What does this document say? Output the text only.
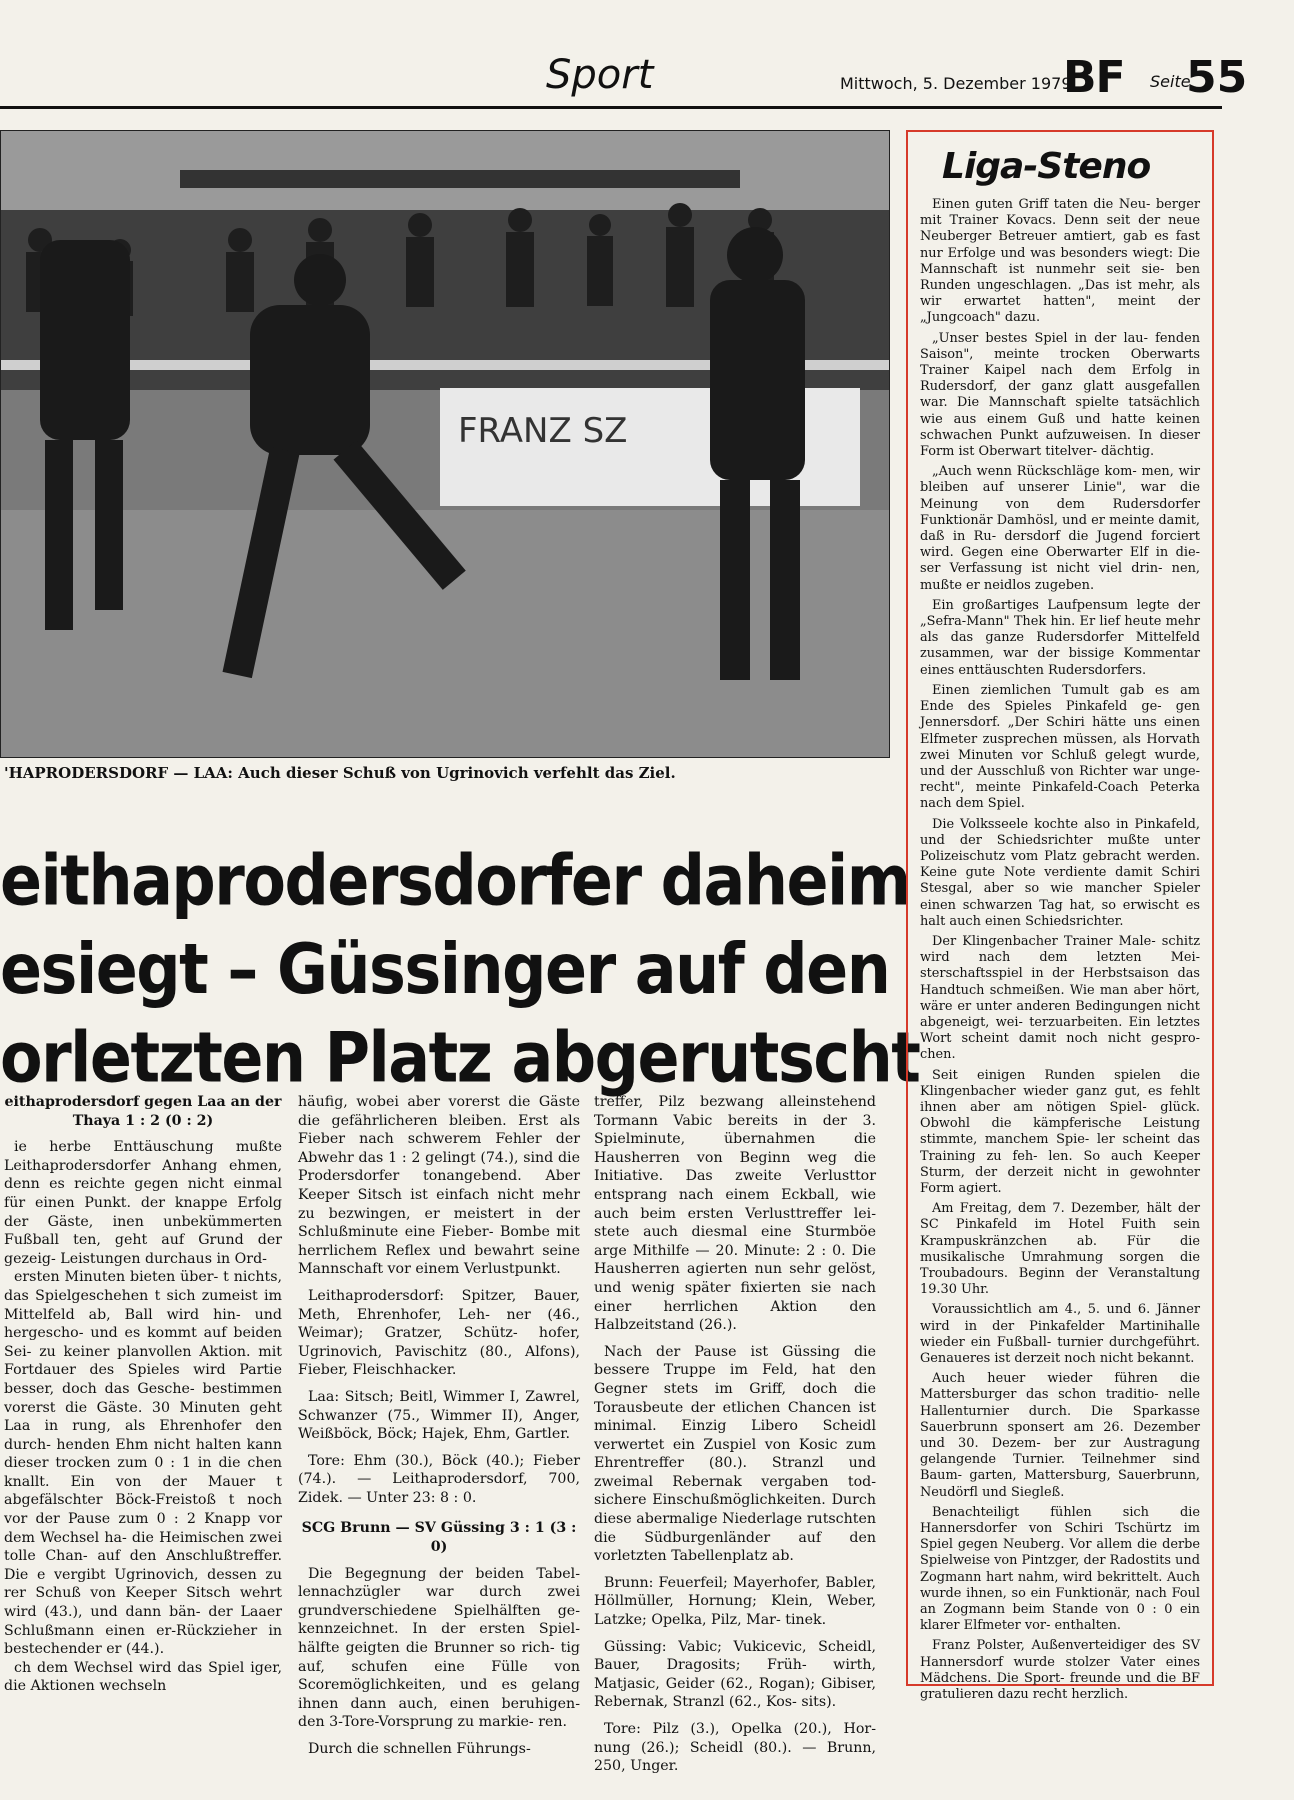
Sport	Mittwoch, 5. Dezember 1979
BF Seite
55
FRANZ SZ
'HAPRODERSDORF — LAA: Auch dieser Schuß von Ugrinovich verfehlt das Ziel.
eithaprodersdorfer daheim
esiegt – Güssinger auf den
orletzten Platz abgerutscht

eithaprodersdorf gegen Laa an der Thaya 1 : 2 (0 : 2)

ie herbe Enttäuschung mußte Leithaprodersdorfer Anhang ehmen, denn es reichte gegen nicht einmal für einen Punkt. der knappe Erfolg der Gäste, inen unbekümmerten Fußball ten, geht auf Grund der gezeig- Leistungen durchaus in Ord-

ersten Minuten bieten über- t nichts, das Spielgeschehen t sich zumeist im Mittelfeld ab, Ball wird hin- und hergescho- und es kommt auf beiden Sei- zu keiner planvollen Aktion. mit Fortdauer des Spieles wird Partie besser, doch das Gesche- bestimmen vorerst die Gäste. 30 Minuten geht Laa in rung, als Ehrenhofer den durch- henden Ehm nicht halten kann dieser trocken zum 0 : 1 in die chen knallt. Ein von der Mauer t abgefälschter Böck-Freistoß t noch vor der Pause zum 0 : 2 Knapp vor dem Wechsel ha- die Heimischen zwei tolle Chan- auf den Anschlußtreffer. Die e vergibt Ugrinovich, dessen zu rer Schuß von Keeper Sitsch wehrt wird (43.), und dann bän- der Laaer Schlußmann einen er-Rückzieher in bestechender er (44.).

ch dem Wechsel wird das Spiel iger, die Aktionen wechseln

häufig, wobei aber vorerst die Gäste die gefährlicheren bleiben. Erst als Fieber nach schwerem Fehler der Abwehr das 1 : 2 gelingt (74.), sind die Prodersdorfer tonangebend. Aber Keeper Sitsch ist einfach nicht mehr zu bezwingen, er meistert in der Schlußminute eine Fieber- Bombe mit herrlichem Reflex und bewahrt seine Mannschaft vor einem Verlustpunkt.

Leithaprodersdorf: Spitzer, Bauer, Meth, Ehrenhofer, Leh- ner (46., Weimar); Gratzer, Schütz- hofer, Ugrinovich, Pavischitz (80., Alfons), Fieber, Fleischhacker.

Laa: Sitsch; Beitl, Wimmer I, Zawrel, Schwanzer (75., Wimmer II), Anger, Weißböck, Böck; Hajek, Ehm, Gartler.

Tore: Ehm (30.), Böck (40.); Fieber (74.). — Leithaprodersdorf, 700, Zidek. — Unter 23: 8 : 0.

SCG Brunn — SV Güssing 3 : 1 (3 : 0)

Die Begegnung der beiden Tabel- lennachzügler war durch zwei grundverschiedene Spielhälften ge- kennzeichnet. In der ersten Spiel- hälfte geigten die Brunner so rich- tig auf, schufen eine Fülle von Scoremöglichkeiten, und es gelang ihnen dann auch, einen beruhigen- den 3-Tore-Vorsprung zu markie- ren.

Durch die schnellen Führungs-

treffer, Pilz bezwang alleinstehend Tormann Vabic bereits in der 3. Spielminute, übernahmen die Hausherren von Beginn weg die Initiative. Das zweite Verlusttor entsprang nach einem Eckball, wie auch beim ersten Verlusttreffer lei- stete auch diesmal eine Sturmböe arge Mithilfe — 20. Minute: 2 : 0. Die Hausherren agierten nun sehr gelöst, und wenig später fixierten sie nach einer herrlichen Aktion den Halbzeitstand (26.).

Nach der Pause ist Güssing die bessere Truppe im Feld, hat den Gegner stets im Griff, doch die Torausbeute der etlichen Chancen ist minimal. Einzig Libero Scheidl verwertet ein Zuspiel von Kosic zum Ehrentreffer (80.). Stranzl und zweimal Rebernak vergaben tod- sichere Einschußmöglichkeiten. Durch diese abermalige Niederlage rutschten die Südburgenländer auf den vorletzten Tabellenplatz ab.

Brunn: Feuerfeil; Mayerhofer, Babler, Höllmüller, Hornung; Klein, Weber, Latzke; Opelka, Pilz, Mar- tinek.

Güssing: Vabic; Vukicevic, Scheidl, Bauer, Dragosits; Früh- wirth, Matjasic, Geider (62., Rogan); Gibiser, Rebernak, Stranzl (62., Kos- sits).

Tore: Pilz (3.), Opelka (20.), Hor- nung (26.); Scheidl (80.). — Brunn, 250, Unger.

Liga-Steno

Einen guten Griff taten die Neu- berger mit Trainer Kovacs. Denn seit der neue Neuberger Betreuer amtiert, gab es fast nur Erfolge und was besonders wiegt: Die Mannschaft ist nunmehr seit sie- ben Runden ungeschlagen. „Das ist mehr, als wir erwartet hatten", meint der „Jungcoach" dazu.

„Unser bestes Spiel in der lau- fenden Saison", meinte trocken Oberwarts Trainer Kaipel nach dem Erfolg in Rudersdorf, der ganz glatt ausgefallen war. Die Mannschaft spielte tatsächlich wie aus einem Guß und hatte keinen schwachen Punkt aufzuweisen. In dieser Form ist Oberwart titelver- dächtig.

„Auch wenn Rückschläge kom- men, wir bleiben auf unserer Linie", war die Meinung von dem Rudersdorfer Funktionär Damhösl, und er meinte damit, daß in Ru- dersdorf die Jugend forciert wird. Gegen eine Oberwarter Elf in die- ser Verfassung ist nicht viel drin- nen, mußte er neidlos zugeben.

Ein großartiges Laufpensum legte der „Sefra-Mann" Thek hin. Er lief heute mehr als das ganze Rudersdorfer Mittelfeld zusammen, war der bissige Kommentar eines enttäuschten Rudersdorfers.

Einen ziemlichen Tumult gab es am Ende des Spieles Pinkafeld ge- gen Jennersdorf. „Der Schiri hätte uns einen Elfmeter zusprechen müssen, als Horvath zwei Minuten vor Schluß gelegt wurde, und der Ausschluß von Richter war unge- recht", meinte Pinkafeld-Coach Peterka nach dem Spiel.

Die Volksseele kochte also in Pinkafeld, und der Schiedsrichter mußte unter Polizeischutz vom Platz gebracht werden. Keine gute Note verdiente damit Schiri Stesgal, aber so wie mancher Spieler einen schwarzen Tag hat, so erwischt es halt auch einen Schiedsrichter.

Der Klingenbacher Trainer Male- schitz wird nach dem letzten Mei- sterschaftsspiel in der Herbstsaison das Handtuch schmeißen. Wie man aber hört, wäre er unter anderen Bedingungen nicht abgeneigt, wei- terzuarbeiten. Ein letztes Wort scheint damit noch nicht gespro- chen.

Seit einigen Runden spielen die Klingenbacher wieder ganz gut, es fehlt ihnen aber am nötigen Spiel- glück. Obwohl die kämpferische Leistung stimmte, manchem Spie- ler scheint das Training zu feh- len. So auch Keeper Sturm, der derzeit nicht in gewohnter Form agiert.

Am Freitag, dem 7. Dezember, hält der SC Pinkafeld im Hotel Fuith sein Krampuskränzchen ab. Für die musikalische Umrahmung sorgen die Troubadours. Beginn der Veranstaltung 19.30 Uhr.

Voraussichtlich am 4., 5. und 6. Jänner wird in der Pinkafelder Martinihalle wieder ein Fußball- turnier durchgeführt. Genaueres ist derzeit noch nicht bekannt.

Auch heuer wieder führen die Mattersburger das schon traditio- nelle Hallenturnier durch. Die Sparkasse Sauerbrunn sponsert am 26. Dezember und 30. Dezem- ber zur Austragung gelangende Turnier. Teilnehmer sind Baum- garten, Mattersburg, Sauerbrunn, Neudörfl und Siegleß.

Benachteiligt fühlen sich die Hannersdorfer von Schiri Tschürtz im Spiel gegen Neuberg. Vor allem die derbe Spielweise von Pintzger, der Radostits und Zogmann hart nahm, wird bekrittelt. Auch wurde ihnen, so ein Funktionär, nach Foul an Zogmann beim Stande von 0 : 0 ein klarer Elfmeter vor- enthalten.

Franz Polster, Außenverteidiger des SV Hannersdorf wurde stolzer Vater eines Mädchens. Die Sport- freunde und die BF gratulieren dazu recht herzlich.
